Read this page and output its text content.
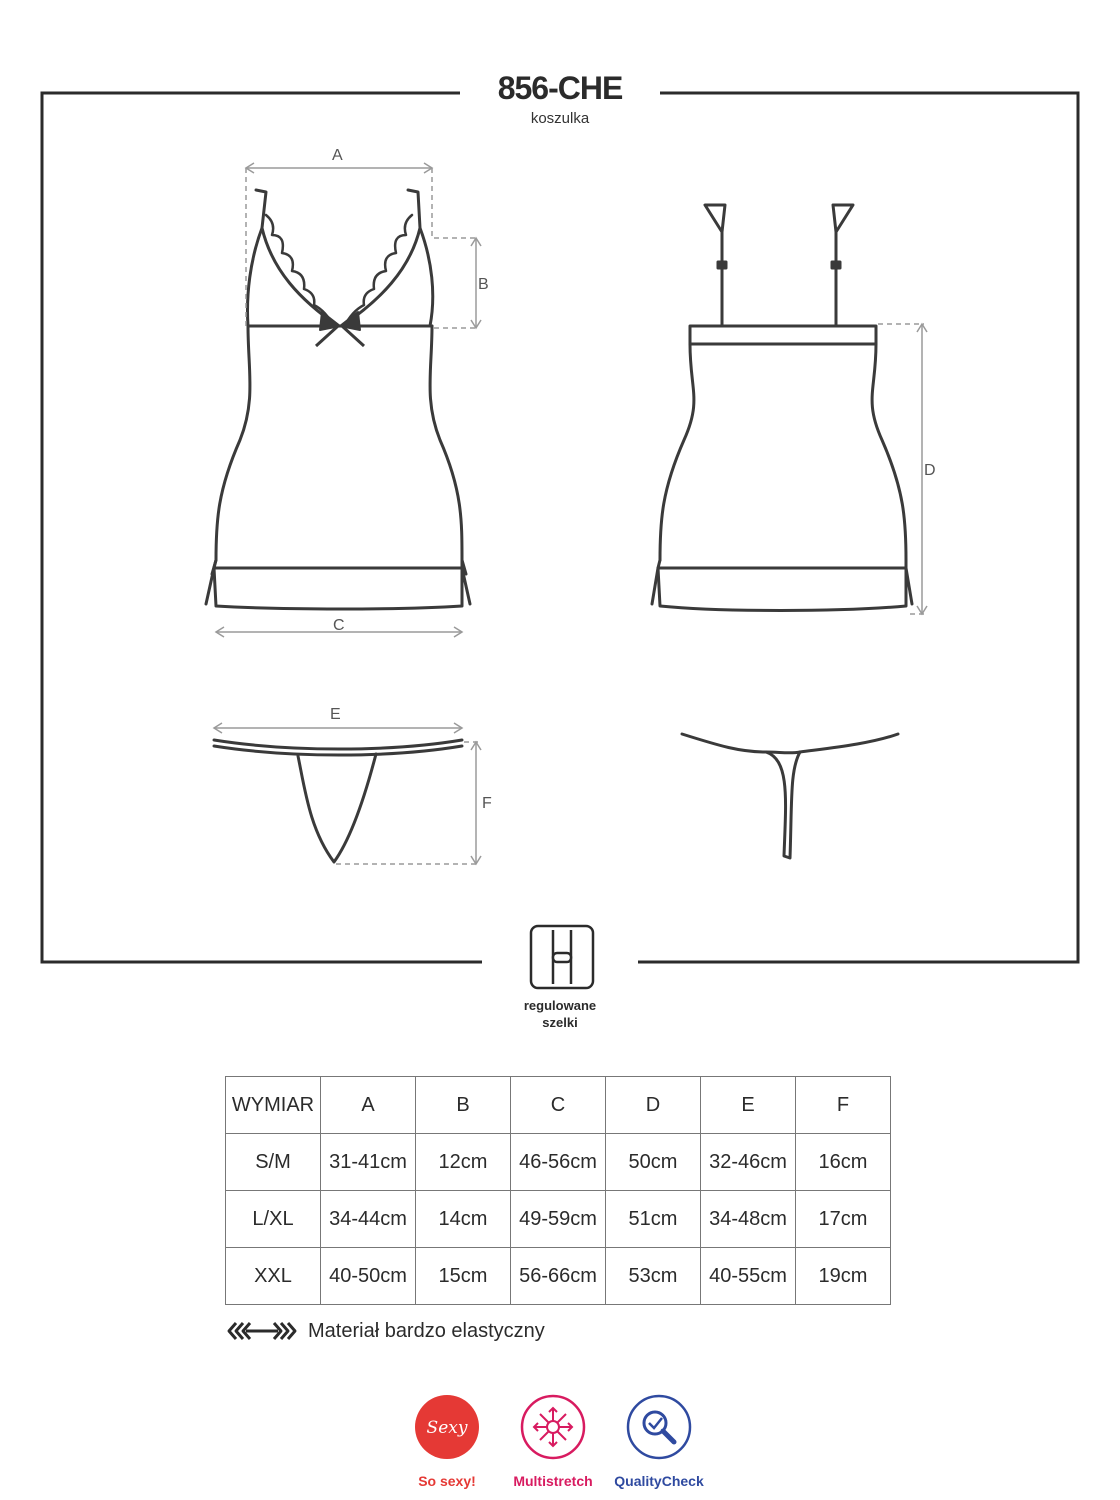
856-CHE
koszulka
A
B
C
D
E
F
regulowane
szelki
WYMIAR	A	B	C	D	E	F
S/M	31-41cm	12cm	46-56cm	50cm	32-46cm	16cm
L/XL	34-44cm	14cm	49-59cm	51cm	34-48cm	17cm
XXL	40-50cm	15cm	56-66cm	53cm	40-55cm	19cm
Materiał bardzo elastyczny
Sexy
So sexy!	Multistretch	QualityCheck
